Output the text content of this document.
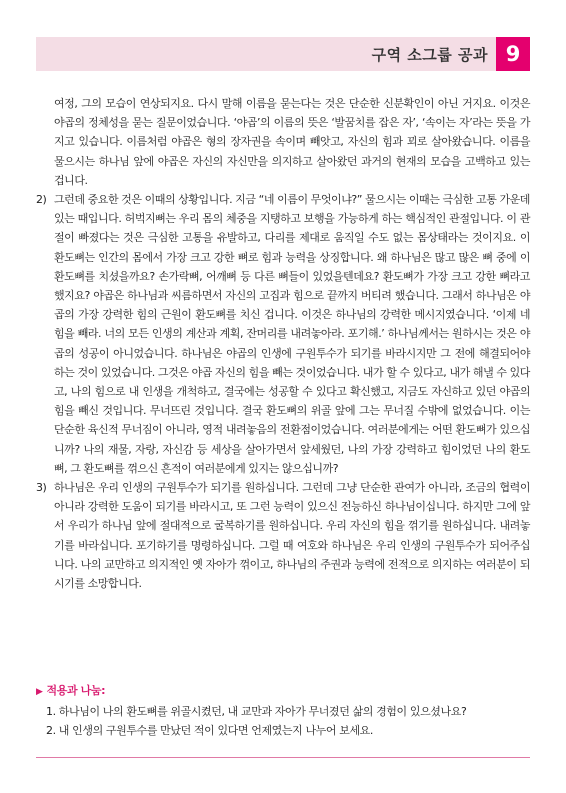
구역 소그룹 공과 9

여정, 그의 모습이 연상되지요. 다시 말해 이름을 묻는다는 것은 단순한 신분확인이 아닌 거지요. 이것은 야곱의 정체성을 묻는 질문이었습니다. ‘야곱’의 이름의 뜻은 ‘발꿈치를 잡은 자’, ‘속이는 자’라는 뜻을 가지고 있습니다. 이름처럼 야곱은 형의 장자권을 속이며 빼앗고, 자신의 힘과 꾀로 살아왔습니다. 이름을 물으시는 하나님 앞에 야곱은 자신의 자신만을 의지하고 살아왔던 과거의 현재의 모습을 고백하고 있는 겁니다.

2) 그런데 중요한 것은 이때의 상황입니다. 지금 “네 이름이 무엇이냐?” 물으시는 이때는 극심한 고통 가운데 있는 때입니다. 허벅지뼈는 우리 몸의 체중을 지탱하고 보행을 가능하게 하는 핵심적인 관절입니다. 이 관절이 빠졌다는 것은 극심한 고통을 유발하고, 다리를 제대로 움직일 수도 없는 몸상태라는 것이지요. 이 환도뼈는 인간의 몸에서 가장 크고 강한 뼈로 힘과 능력을 상징합니다. 왜 하나님은 많고 많은 뼈 중에 이 환도뼈를 치셨을까요? 손가락뼈, 어깨뼈 등 다른 뼈들이 있었을텐데요? 환도뼈가 가장 크고 강한 뼈라고 했지요? 야곱은 하나님과 씨름하면서 자신의 고집과 힘으로 끝까지 버티려 했습니다. 그래서 하나님은 야곱의 가장 강력한 힘의 근원이 환도뼈를 치신 겁니다. 이것은 하나님의 강력한 메시지였습니다. ‘이제 네 힘을 빼라. 너의 모든 인생의 계산과 계획, 잔머리를 내려놓아라. 포기해.’ 하나님께서는 원하시는 것은 야곱의 성공이 아니었습니다. 하나님은 야곱의 인생에 구원투수가 되기를 바라시지만 그 전에 해결되어야 하는 것이 있었습니다. 그것은 야곱 자신의 힘을 빼는 것이었습니다. 내가 할 수 있다고, 내가 해낼 수 있다고, 나의 힘으로 내 인생을 개척하고, 결국에는 성공할 수 있다고 확신했고, 지금도 자신하고 있던 야곱의 힘을 빼신 것입니다. 무너뜨린 것입니다. 결국 환도뼈의 위골 앞에 그는 무너질 수밖에 없었습니다. 이는 단순한 육신적 무너짐이 아니라, 영적 내려놓음의 전환점이었습니다. 여러분에게는 어떤 환도뼈가 있으십니까? 나의 재물, 자랑, 자신감 등 세상을 살아가면서 앞세웠던, 나의 가장 강력하고 힘이었던 나의 환도뼈, 그 환도뼈를 꺾으신 흔적이 여러분에게 있지는 않으십니까?
3) 하나님은 우리 인생의 구원투수가 되기를 원하십니다. 그런데 그냥 단순한 관여가 아니라, 조금의 협력이 아니라 강력한 도움이 되기를 바라시고, 또 그런 능력이 있으신 전능하신 하나님이십니다. 하지만 그에 앞서 우리가 하나님 앞에 절대적으로 굴복하기를 원하십니다. 우리 자신의 힘을 꺾기를 원하십니다. 내려놓기를 바라십니다. 포기하기를 명령하십니다. 그럴 때 여호와 하나님은 우리 인생의 구원투수가 되어주십니다. 나의 교만하고 의지적인 옛 자아가 꺾이고, 하나님의 주권과 능력에 전적으로 의지하는 여러분이 되시기를 소망합니다.
▶ 적용과 나눔:
1. 하나님이 나의 환도뼈를 위골시켰던, 내 교만과 자아가 무너졌던 삶의 경험이 있으셨나요?
2. 내 인생의 구원투수를 만났던 적이 있다면 언제였는지 나누어 보세요.
